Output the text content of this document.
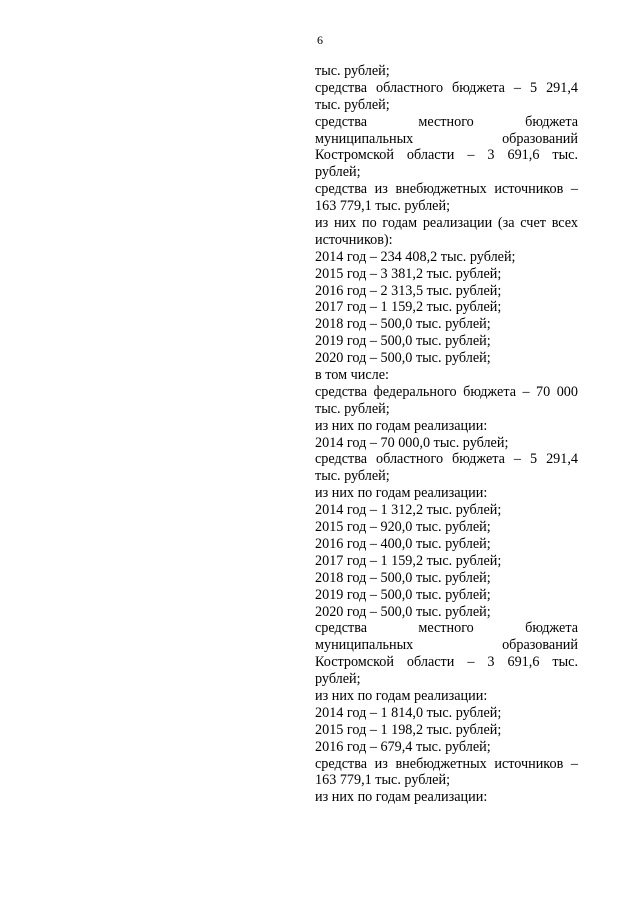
6
тыс. рублей;
средства областного бюджета – 5 291,4
тыс. рублей;
средства местного бюджета
муниципальных образований
Костромской области – 3 691,6 тыс.
рублей;
средства из внебюджетных источников –
163 779,1 тыс. рублей;
из них по годам реализации (за счет всех
источников):
2014 год – 234 408,2 тыс. рублей;
2015 год – 3 381,2 тыс. рублей;
2016 год – 2 313,5 тыс. рублей;
2017 год – 1 159,2 тыс. рублей;
2018 год – 500,0 тыс. рублей;
2019 год – 500,0 тыс. рублей;
2020 год – 500,0 тыс. рублей;
в том числе:
средства федерального бюджета – 70 000
тыс. рублей;
из них по годам реализации:
2014 год – 70 000,0 тыс. рублей;
средства областного бюджета – 5 291,4
тыс. рублей;
из них по годам реализации:
2014 год – 1 312,2 тыс. рублей;
2015 год – 920,0 тыс. рублей;
2016 год – 400,0 тыс. рублей;
2017 год – 1 159,2 тыс. рублей;
2018 год – 500,0 тыс. рублей;
2019 год – 500,0 тыс. рублей;
2020 год – 500,0 тыс. рублей;
средства местного бюджета
муниципальных образований
Костромской области – 3 691,6 тыс.
рублей;
из них по годам реализации:
2014 год – 1 814,0 тыс. рублей;
2015 год – 1 198,2 тыс. рублей;
2016 год – 679,4 тыс. рублей;
средства из внебюджетных источников –
163 779,1 тыс. рублей;
из них по годам реализации:
